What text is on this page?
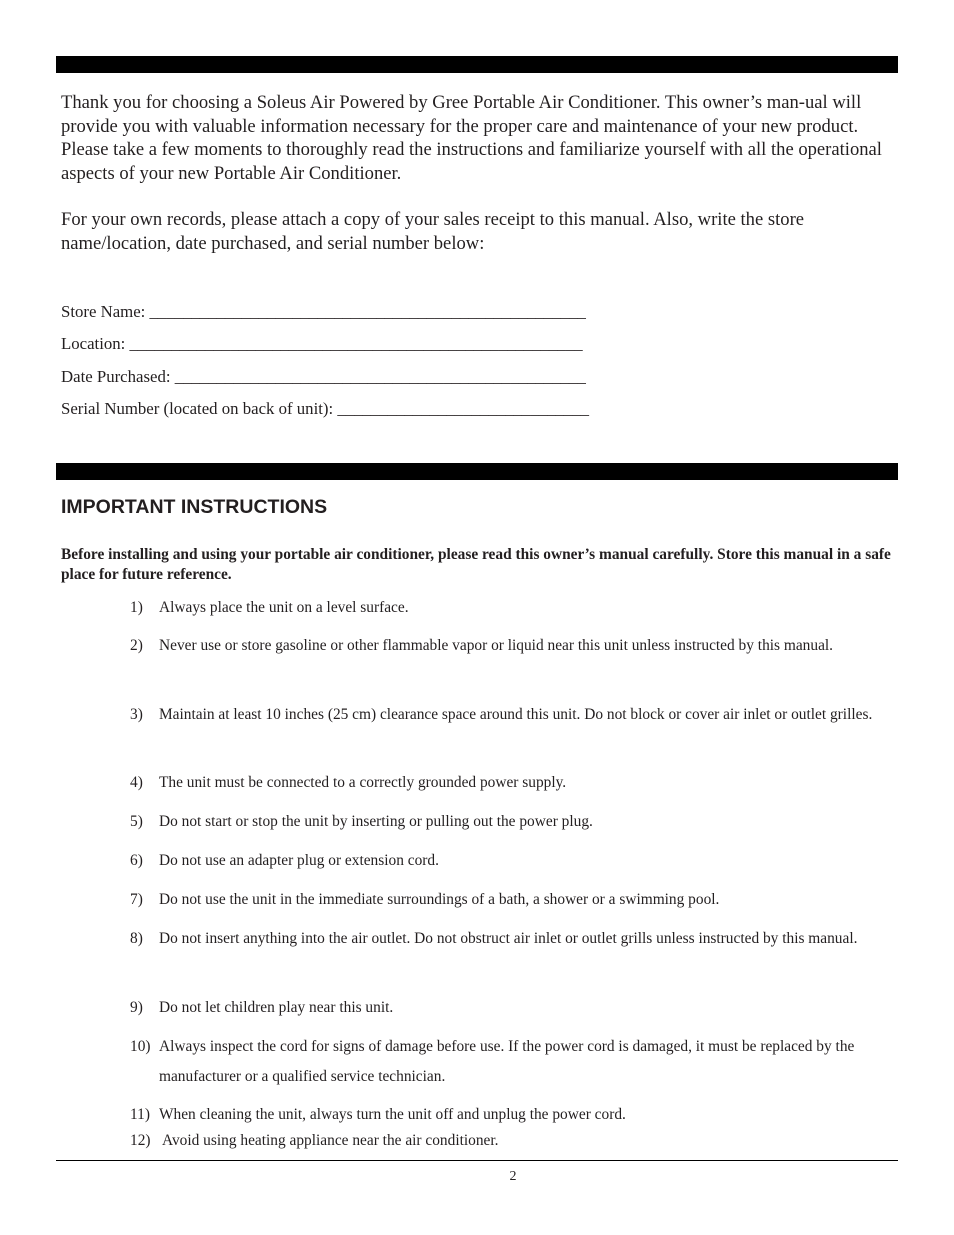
Thank you for choosing a Soleus Air Powered by Gree Portable Air Conditioner. This owner’s man-ual will provide you with valuable information necessary for the proper care and maintenance of your new product. Please take a few moments to thoroughly read the instructions and familiarize yourself with all the operational aspects of your new Portable Air Conditioner.

For your own records, please attach a copy of your sales receipt to this manual. Also, write the store name/location, date purchased, and serial number below:

Store Name: ____________________________________________________

Location: ______________________________________________________

Date Purchased: _________________________________________________

Serial Number (located on back of unit): ______________________________

IMPORTANT INSTRUCTIONS

Before installing and using your portable air conditioner, please read this owner’s manual carefully. Store this manual in a safe place for future reference.

1) Always place the unit on a level surface.
2) Never use or store gasoline or other flammable vapor or liquid near this unit unless instructed by this manual.
3) Maintain at least 10 inches (25 cm) clearance space around this unit. Do not block or cover air inlet or outlet grilles.
4) The unit must be connected to a correctly grounded power supply.
5) Do not start or stop the unit by inserting or pulling out the power plug.
6) Do not use an adapter plug or extension cord.
7) Do not use the unit in the immediate surroundings of a bath, a shower or a swimming pool.
8) Do not insert anything into the air outlet. Do not obstruct air inlet or outlet grills unless instructed by this manual.
9) Do not let children play near this unit.
10) Always inspect the cord for signs of damage before use. If the power cord is damaged, it must be replaced by the manufacturer or a qualified service technician.
11) When cleaning the unit, always turn the unit off and unplug the power cord.
12) Avoid using heating appliance near the air conditioner.

2
